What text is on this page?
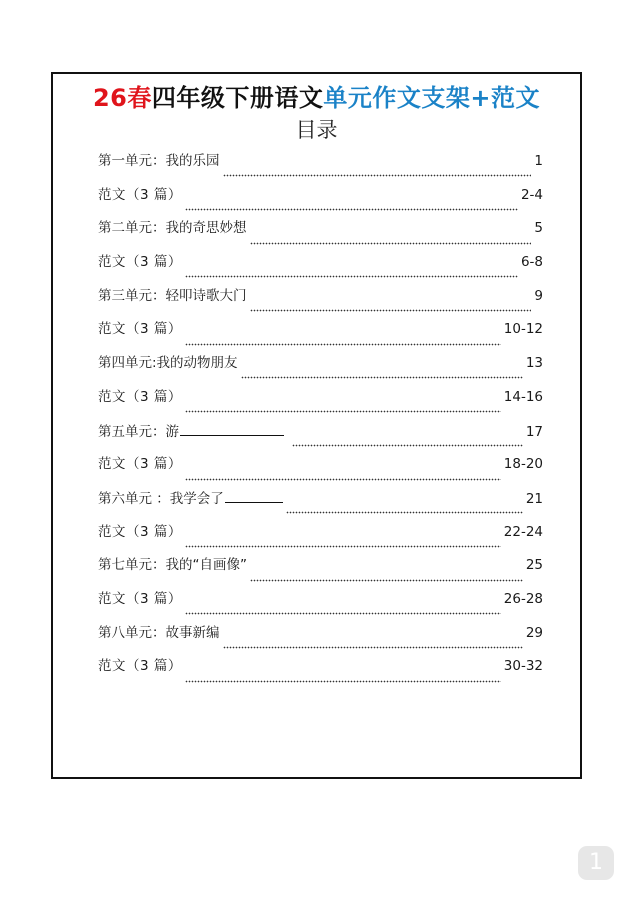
26春四年级下册语文单元作文支架+范文
目录
第一单元：我的乐园	1
范文（3 篇）	2-4
第二单元：我的奇思妙想	5
范文（3 篇）	6-8
第三单元：轻叩诗歌大门	9
范文（3 篇）	10-12
第四单元:我的动物朋友	13
范文（3 篇）	14-16
第五单元：游	17
范文（3 篇）	18-20
第六单元 ：我学会了	21
范文（3 篇）	22-24
第七单元：我的“自画像”	25
范文（3 篇）	26-28
第八单元：故事新编	29
范文（3 篇）	30-32
1
